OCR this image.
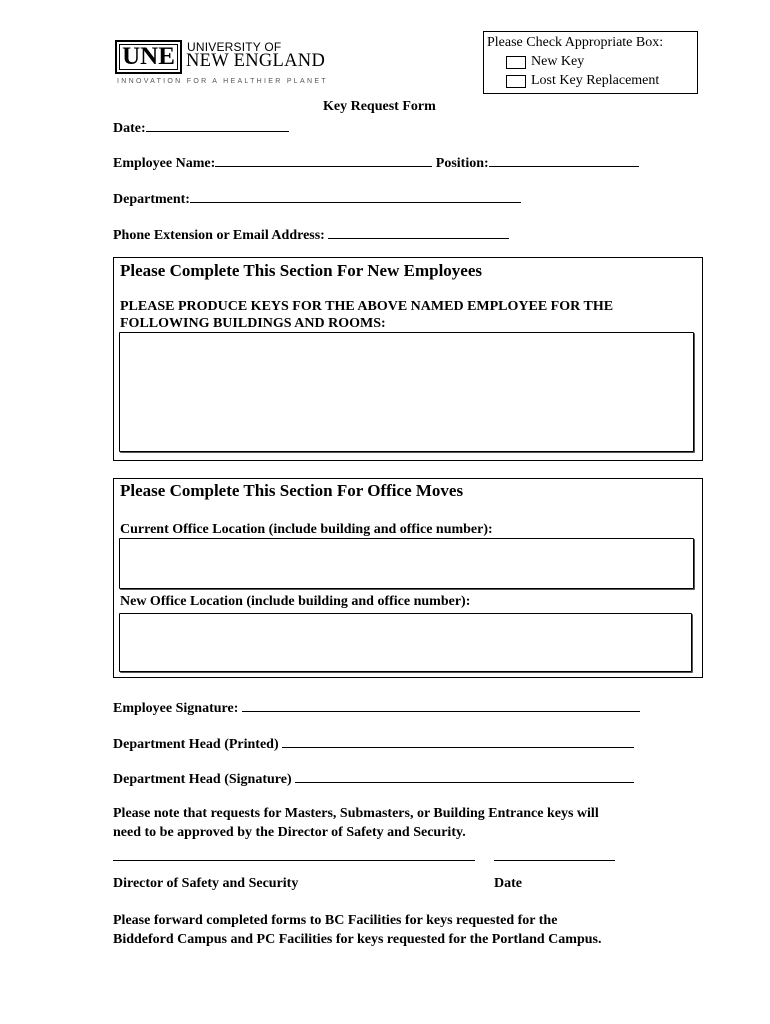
UNE	UNIVERSITY OF
NEW ENGLAND
INNOVATION FOR A HEALTHIER PLANET
Please Check Appropriate Box:
New Key
Lost Key Replacement
Key Request Form
Date:
Employee Name:	Position:
Department:
Phone Extension or Email Address:
Please Complete This Section For New Employees
PLEASE PRODUCE KEYS FOR THE ABOVE NAMED EMPLOYEE FOR THE
FOLLOWING BUILDINGS AND ROOMS:
Please Complete This Section For Office Moves
Current Office Location (include building and office number):
New Office Location (include building and office number):
Employee Signature:
Department Head (Printed)
Department Head (Signature)
Please note that requests for Masters, Submasters, or Building Entrance keys will
need to be approved by the Director of Safety and Security.
Director of Safety and Security	Date
Please forward completed forms to BC Facilities for keys requested for the
Biddeford Campus and PC Facilities for keys requested for the Portland Campus.
